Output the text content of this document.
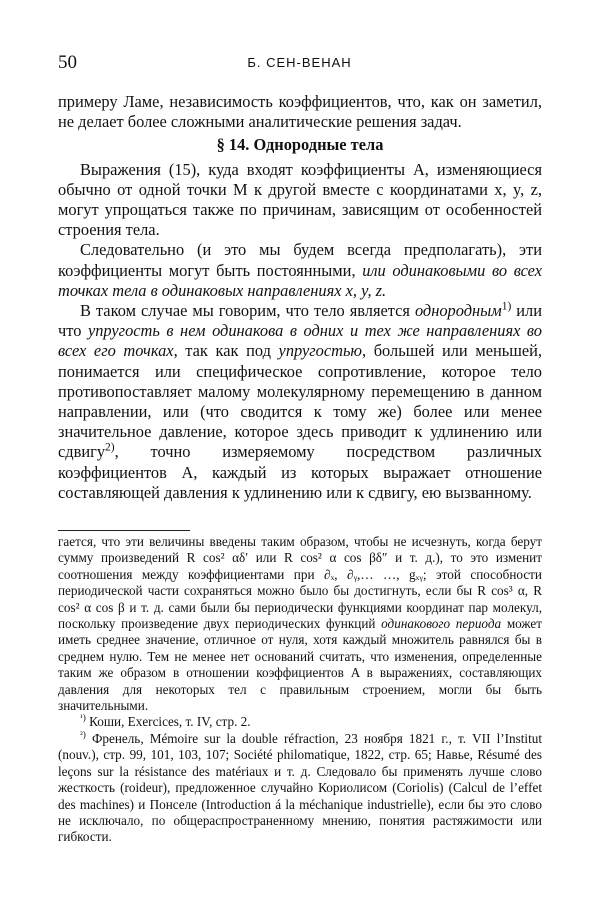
50	Б. СЕН-ВЕНАН

примеру Ламе, независимость коэффициентов, что, как он заметил, не делает более сложными аналитические решения задач.

§ 14. Однородные тела

Выражения (15), куда входят коэффициенты A, изменяющиеся обычно от одной точки M к другой вместе с координатами x, y, z, могут упрощаться также по причинам, зависящим от особенностей строения тела.

Следовательно (и это мы будем всегда предполагать), эти коэффициенты могут быть постоянными, или одинаковыми во всех точках тела в одинаковых направлениях x, y, z.

В таком случае мы говорим, что тело является однородным$^{1)}$ или что упругость в нем одинакова в одних и тех же направлениях во всех его точках, так как под упругостью, большей или меньшей, понимается или специфическое сопротивление, которое тело противопоставляет малому молекулярному перемещению в данном направлении, или (что сводится к тому же) более или менее значительное давление, которое здесь приводит к удлинению или сдвигу$^{2)}$, точно измеряемому посредством различных коэффициентов A, каждый из которых выражает отношение составляющей давления к удлинению или к сдвигу, ею вызванному.

гается, что эти величины введены таким образом, чтобы не исчезнуть, когда берут сумму произведений R cos² αδ′ или R cos² α cos βδ″ и т. д.), то это изменит соотношения между коэффициентами при ∂ₓ, ∂ᵧ,… …, gₓᵧ; этой способности периодической части сохраняться можно было бы достигнуть, если бы R cos³ α, R cos² α cos β и т. д. сами были бы периодически функциями координат пар молекул, поскольку произведение двух периодических функций одинакового периода может иметь среднее значение, отличное от нуля, хотя каждый множитель равнялся бы в среднем нулю. Тем не менее нет оснований считать, что изменения, определенные таким же образом в отношении коэффициентов A в выражениях, составляющих давления для некоторых тел с правильным строением, могли бы быть значительными.

$^{^1)}$ Коши, Exercices, т. IV, стр. 2.

$^{^2)}$ Френель, Mémoire sur la double réfraction, 23 ноября 1821 г., т. VII l’Institut (nouv.), стр. 99, 101, 103, 107; Société philomatique, 1822, стр. 65; Навье, Résumé des leçons sur la résistance des matériaux и т. д. Следовало бы применять лучше слово жесткость (roideur), предложенное случайно Кориолисом (Coriolis) (Calcul de l’effet des machines) и Понселе (Introduction á la méchanique industrielle), если бы это слово не исключало, по общераспространенному мнению, понятия растяжимости или гибкости.
